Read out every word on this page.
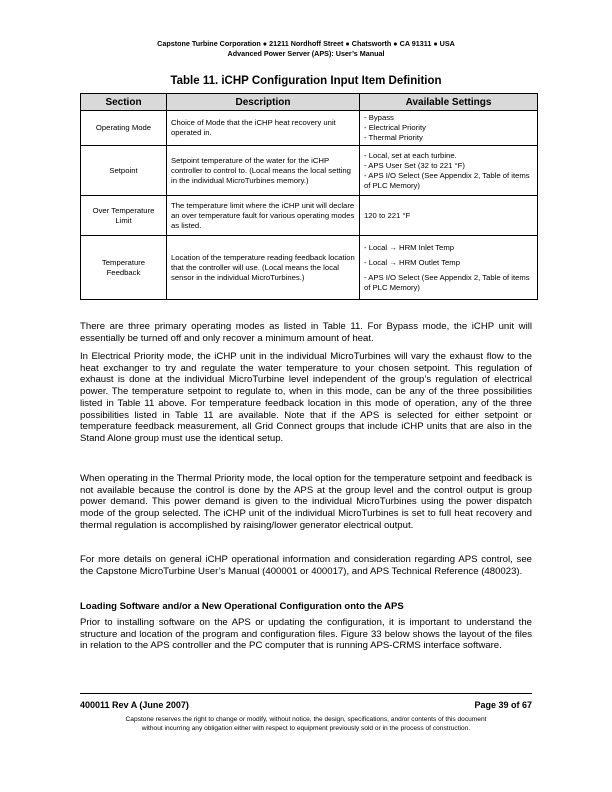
Capstone Turbine Corporation ● 21211 Nordhoff Street ● Chatsworth ● CA 91311 ● USA
Advanced Power Server (APS): User’s Manual
Table 11. iCHP Configuration Input Item Definition
Section	Description	Available Settings
Operating Mode	Choice of Mode that the iCHP heat recovery unit operated in.	- Bypass
- Electrical Priority
- Thermal Priority

Setpoint	Setpoint temperature of the water for the iCHP controller to control to. (Local means the local setting in the individual MicroTurbines memory.)	- Local, set at each turbine.
- APS User Set (32 to 221 °F)
- APS I/O Select (See Appendix 2, Table of items of PLC Memory)

Over Temperature Limit	The temperature limit where the iCHP unit will declare an over temperature fault for various operating modes as listed.	120 to 221 °F

Temperature Feedback	Location of the temperature reading feedback location that the controller will use. (Local means the local sensor in the individual MicroTurbines.)	- Local → HRM Inlet Temp
- Local → HRM Outlet Temp
- APS I/O Select (See Appendix 2, Table of items of PLC Memory)

There are three primary operating modes as listed in Table 11. For Bypass mode, the iCHP unit will essentially be turned off and only recover a minimum amount of heat.

In Electrical Priority mode, the iCHP unit in the individual MicroTurbines will vary the exhaust flow to the heat exchanger to try and regulate the water temperature to your chosen setpoint. This regulation of exhaust is done at the individual MicroTurbine level independent of the group’s regulation of electrical power. The temperature setpoint to regulate to, when in this mode, can be any of the three possibilities listed in Table 11 above. For temperature feedback location in this mode of operation, any of the three possibilities listed in Table 11 are available. Note that if the APS is selected for either setpoint or temperature feedback measurement, all Grid Connect groups that include iCHP units that are also in the Stand Alone group must use the identical setup.

When operating in the Thermal Priority mode, the local option for the temperature setpoint and feedback is not available because the control is done by the APS at the group level and the control output is group power demand. This power demand is given to the individual MicroTurbines using the power dispatch mode of the group selected. The iCHP unit of the individual MicroTurbines is set to full heat recovery and thermal regulation is accomplished by raising/lower generator electrical output.

For more details on general iCHP operational information and consideration regarding APS control, see the Capstone MicroTurbine User’s Manual (400001 or 400017), and APS Technical Reference (480023).

Loading Software and/or a New Operational Configuration onto the APS

Prior to installing software on the APS or updating the configuration, it is important to understand the structure and location of the program and configuration files. Figure 33 below shows the layout of the files in relation to the APS controller and the PC computer that is running APS-CRMS interface software.

400011 Rev A (June 2007)	Page 39 of 67
Capstone reserves the right to change or modify, without notice, the design, specifications, and/or contents of this document
without incurring any obligation either with respect to equipment previously sold or in the process of construction.
